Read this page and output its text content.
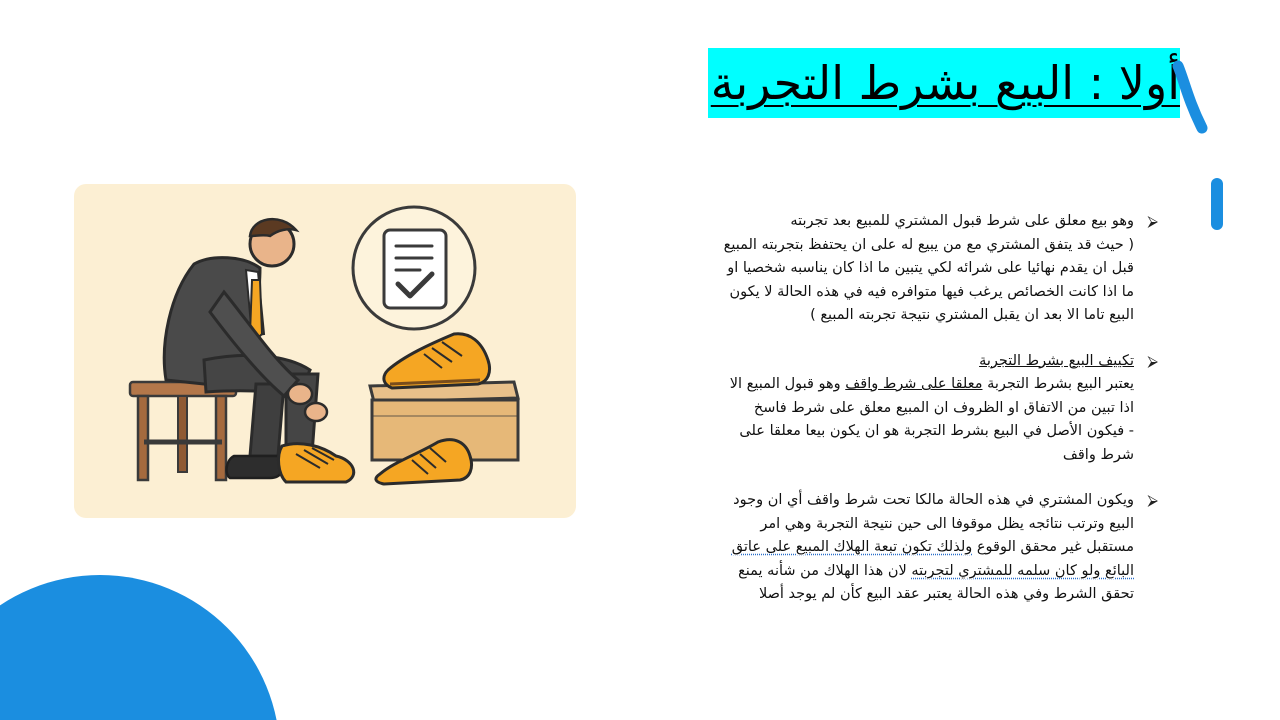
أولا : البيع بشرط التجربة
⮚
وهو بيع معلق على شرط قبول المشتري للمبيع بعد تجربته
( حيث قد يتفق المشتري مع من يبيع له على ان يحتفظ بتجربته المبيع
قبل ان يقدم نهائيا على شرائه لكي يتبين ما اذا كان يناسبه شخصيا او
ما اذا كانت الخصائص يرغب فيها متوافره فيه في هذه الحالة لا يكون
البيع تاما الا بعد ان يقبل المشتري نتيجة تجربته المبيع )
⮚
تكييف البيع بشرط التجربة
يعتبر البيع بشرط التجربة معلقا على شرط واقف وهو قبول المبيع الا
اذا تبين من الاتفاق او الظروف ان المبيع معلق على شرط فاسخ
- فيكون الأصل في البيع بشرط التجربة هو ان يكون بيعا معلقا على
شرط واقف
⮚
ويكون المشتري في هذه الحالة مالكا تحت شرط واقف أي ان وجود
البيع وترتب نتائجه يظل موقوفا الى حين نتيجة التجربة وهي امر
مستقبل غير محقق الوقوع ولذلك تكون تبعة الهلاك المبيع على عاتق
البائع ولو كان سلمه للمشتري لتجربته لان هذا الهلاك من شأنه يمنع
تحقق الشرط وفي هذه الحالة يعتبر عقد البيع كأن لم يوجد أصلا
